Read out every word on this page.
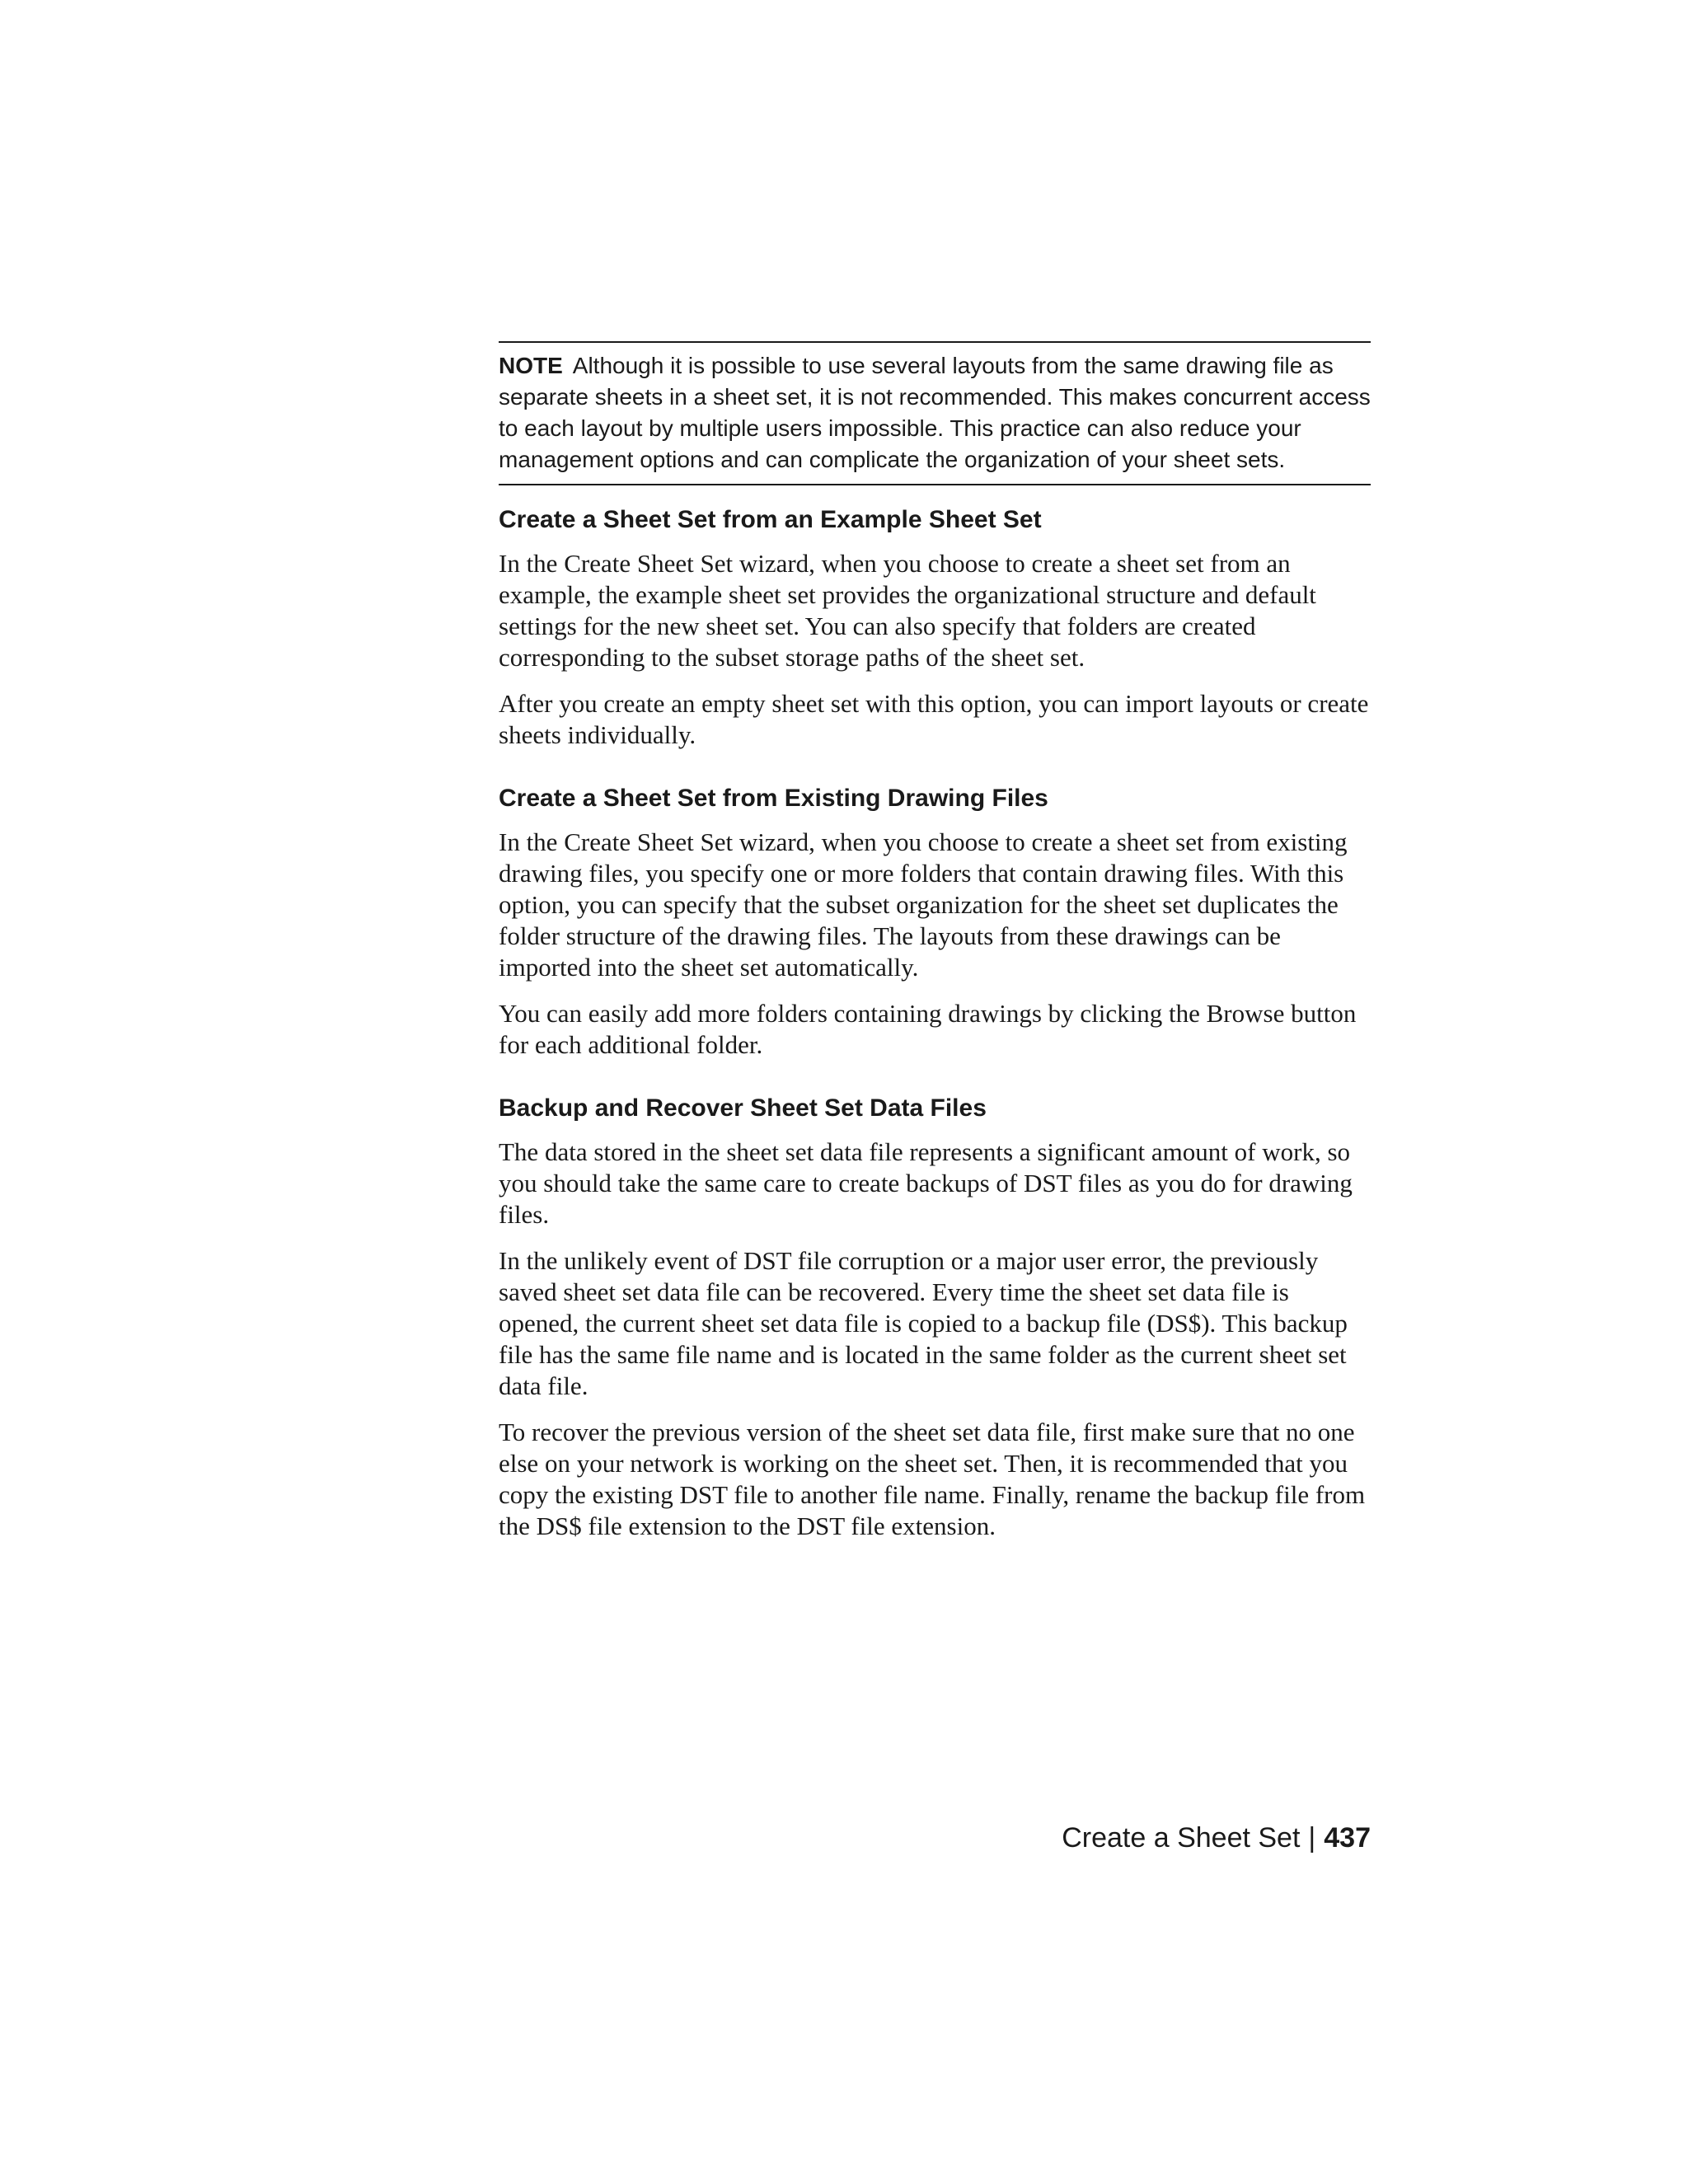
NOTE Although it is possible to use several layouts from the same drawing file as separate sheets in a sheet set, it is not recommended. This makes concurrent access to each layout by multiple users impossible. This practice can also reduce your management options and can complicate the organization of your sheet sets.
Create a Sheet Set from an Example Sheet Set

In the Create Sheet Set wizard, when you choose to create a sheet set from an example, the example sheet set provides the organizational structure and default settings for the new sheet set. You can also specify that folders are created corresponding to the subset storage paths of the sheet set.

After you create an empty sheet set with this option, you can import layouts or create sheets individually.

Create a Sheet Set from Existing Drawing Files

In the Create Sheet Set wizard, when you choose to create a sheet set from existing drawing files, you specify one or more folders that contain drawing files. With this option, you can specify that the subset organization for the sheet set duplicates the folder structure of the drawing files. The layouts from these drawings can be imported into the sheet set automatically.

You can easily add more folders containing drawings by clicking the Browse button for each additional folder.

Backup and Recover Sheet Set Data Files

The data stored in the sheet set data file represents a significant amount of work, so you should take the same care to create backups of DST files as you do for drawing files.

In the unlikely event of DST file corruption or a major user error, the previously saved sheet set data file can be recovered. Every time the sheet set data file is opened, the current sheet set data file is copied to a backup file (DS$). This backup file has the same file name and is located in the same folder as the current sheet set data file.

To recover the previous version of the sheet set data file, first make sure that no one else on your network is working on the sheet set. Then, it is recommended that you copy the existing DST file to another file name. Finally, rename the backup file from the DS$ file extension to the DST file extension.

Create a Sheet Set | 437
